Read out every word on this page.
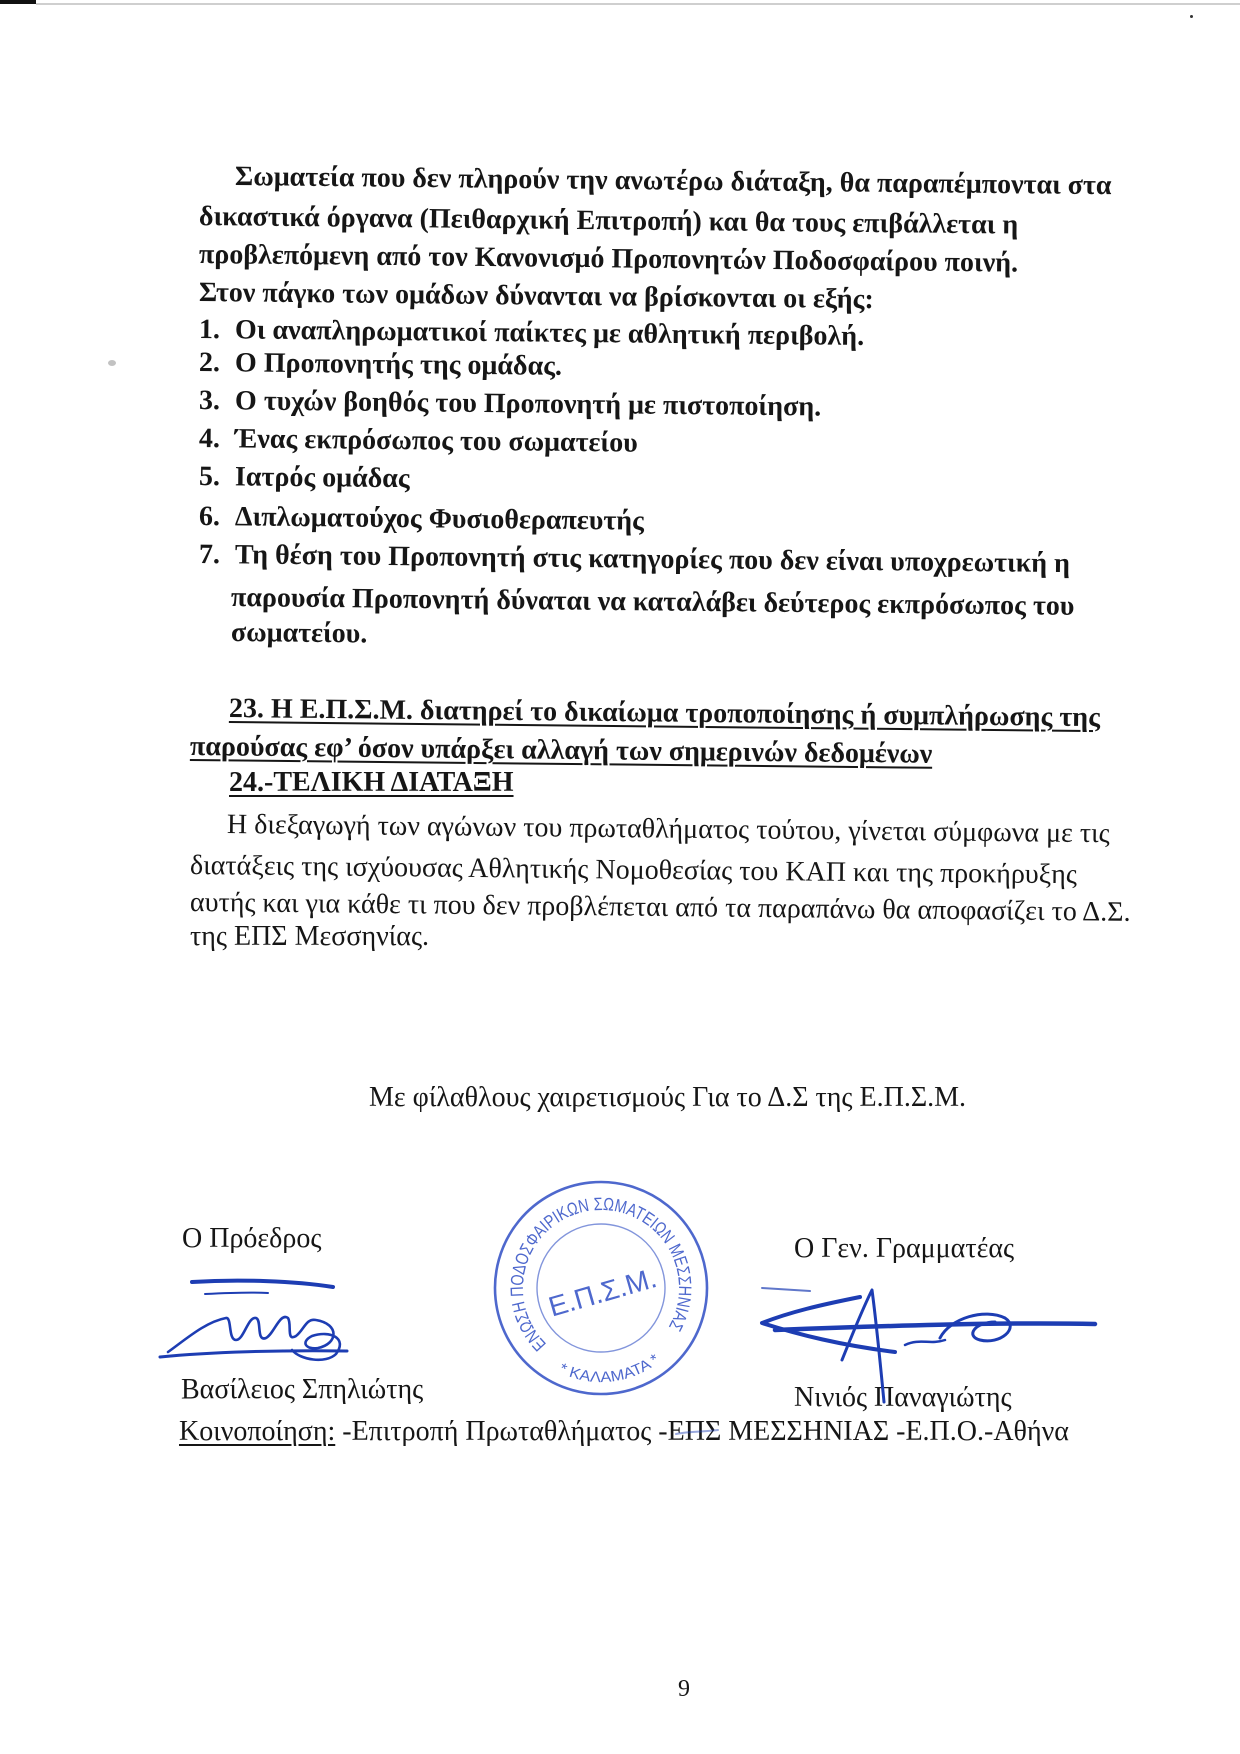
Σωματεία που δεν πληρούν την ανωτέρω διάταξη, θα παραπέμπονται στα
δικαστικά όργανα (Πειθαρχική Επιτροπή) και θα τους επιβάλλεται η
προβλεπόμενη από τον Κανονισμό Προπονητών Ποδοσφαίρου ποινή.
Στον πάγκο των ομάδων δύνανται να βρίσκονται οι εξής:
1. Οι αναπληρωματικοί παίκτες με αθλητική περιβολή.
2. Ο Προπονητής της ομάδας.
3. Ο τυχών βοηθός του Προπονητή με πιστοποίηση.
4. Ένας εκπρόσωπος του σωματείου
5. Ιατρός ομάδας
6. Διπλωματούχος Φυσιοθεραπευτής
7. Τη θέση του Προπονητή στις κατηγορίες που δεν είναι υποχρεωτική η
παρουσία Προπονητή δύναται να καταλάβει δεύτερος εκπρόσωπος του
σωματείου.
23. Η Ε.Π.Σ.Μ. διατηρεί το δικαίωμα τροποποίησης ή συμπλήρωσης της
παρούσας εφ’ όσον υπάρξει αλλαγή των σημερινών δεδομένων
24.-ΤΕΛΙΚΗ ΔΙΑΤΑΞΗ
Η διεξαγωγή των αγώνων του πρωταθλήματος τούτου, γίνεται σύμφωνα με τις
διατάξεις της ισχύουσας Αθλητικής Νομοθεσίας του ΚΑΠ και της προκήρυξης
αυτής και για κάθε τι που δεν προβλέπεται από τα παραπάνω θα αποφασίζει το Δ.Σ.
της ΕΠΣ Μεσσηνίας.
Με φίλαθλους χαιρετισμούς Για το Δ.Σ της Ε.Π.Σ.Μ.
Ο Πρόεδρος	Ο Γεν. Γραμματέας
Βασίλειος Σπηλιώτης	Νινιός Παναγιώτης
Κοινοποίηση: -Επιτροπή Πρωταθλήματος -ΕΠΣ ΜΕΣΣΗΝΙΑΣ -Ε.Π.Ο.-Αθήνα
9
ΕΝΩΣΗ ΠΟΔΟΣΦΑΙΡΙΚΩΝ ΣΩΜΑΤΕΙΩΝ ΜΕΣΣΗΝΙΑΣ
* ΚΑΛΑΜΑΤΑ *
Ε.Π.Σ.Μ.
